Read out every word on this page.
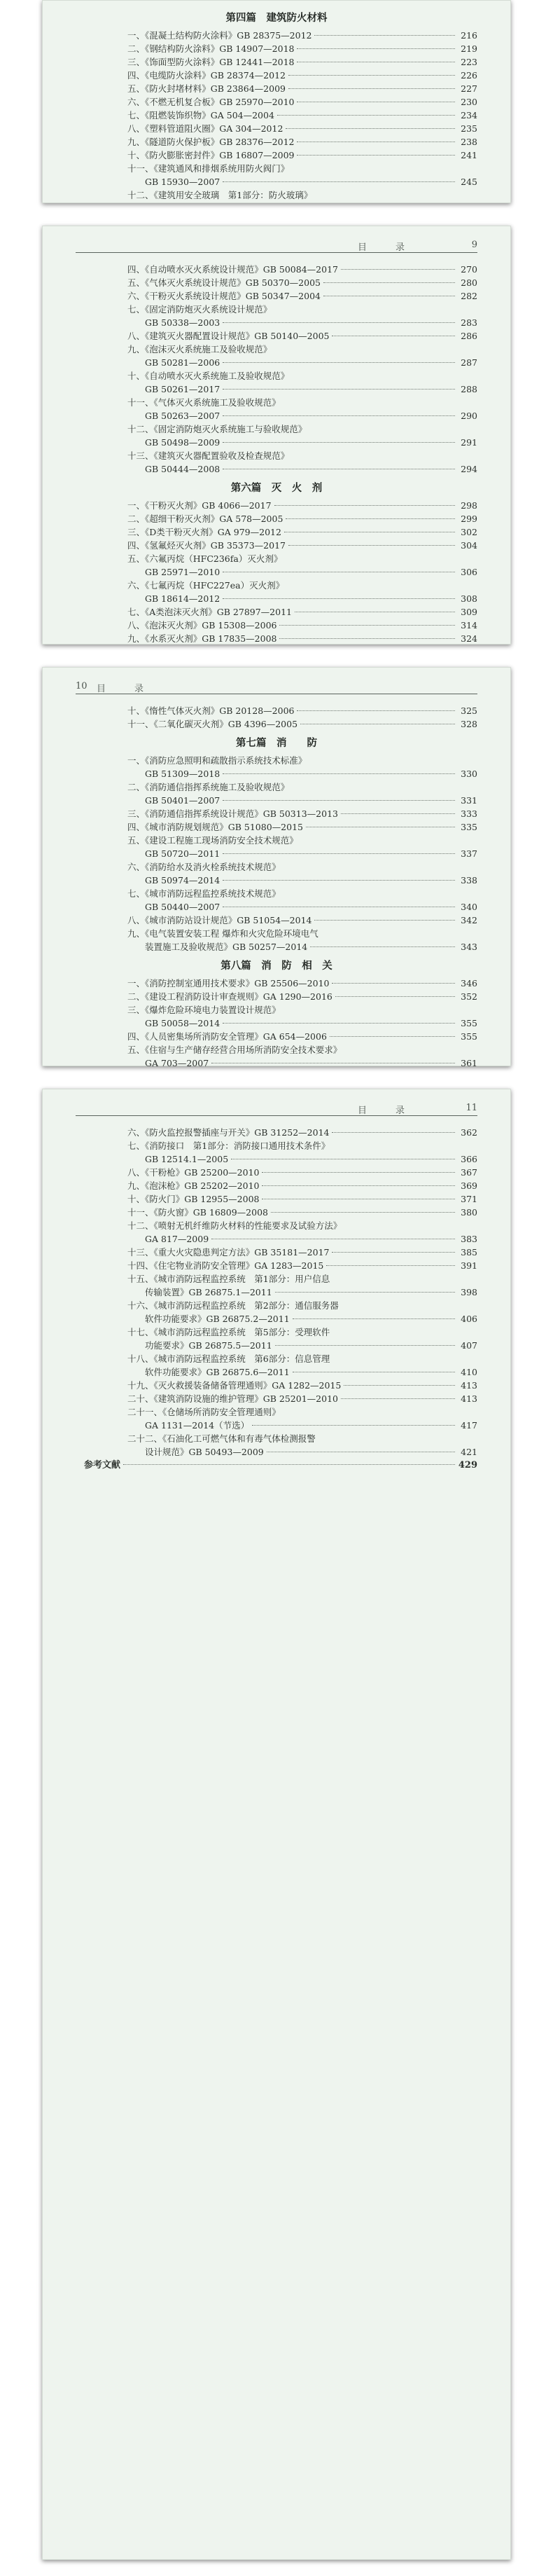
第四篇　建筑防火材料
一、《混凝土结构防火涂料》GB 28375—2012	216
二、《钢结构防火涂料》GB 14907—2018	219
三、《饰面型防火涂料》GB 12441—2018	223
四、《电缆防火涂料》GB 28374—2012	226
五、《防火封堵材料》GB 23864—2009	227
六、《不燃无机复合板》GB 25970—2010	230
七、《阻燃装饰织物》GA 504—2004	234
八、《塑料管道阻火圈》GA 304—2012	235
九、《隧道防火保护板》GB 28376—2012	238
十、《防火膨胀密封件》GB 16807—2009	241
十一、《建筑通风和排烟系统用防火阀门》
　　GB 15930—2007	245
十二、《建筑用安全玻璃　第1部分：防火玻璃》
目　录	9
四、《自动喷水灭火系统设计规范》GB 50084—2017	270
五、《气体灭火系统设计规范》GB 50370—2005	280
六、《干粉灭火系统设计规范》GB 50347—2004	282
七、《固定消防炮灭火系统设计规范》
　　GB 50338—2003	283
八、《建筑灭火器配置设计规范》GB 50140—2005	286
九、《泡沫灭火系统施工及验收规范》
　　GB 50281—2006	287
十、《自动喷水灭火系统施工及验收规范》
　　GB 50261—2017	288
十一、《气体灭火系统施工及验收规范》
　　GB 50263—2007	290
十二、《固定消防炮灭火系统施工与验收规范》
　　GB 50498—2009	291
十三、《建筑灭火器配置验收及检查规范》
　　GB 50444—2008	294
第六篇　灭　火　剂
一、《干粉灭火剂》GB 4066—2017	298
二、《超细干粉灭火剂》GA 578—2005	299
三、《D类干粉灭火剂》GA 979—2012	302
四、《氢氟烃灭火剂》GB 35373—2017	304
五、《六氟丙烷（HFC236fa）灭火剂》
　　GB 25971—2010	306
六、《七氟丙烷（HFC227ea）灭火剂》
　　GB 18614—2012	308
七、《A类泡沫灭火剂》GB 27897—2011	309
八、《泡沫灭火剂》GB 15308—2006	314
九、《水系灭火剂》GB 17835—2008	324
目　录
10
十、《惰性气体灭火剂》GB 20128—2006	325
十一、《二氧化碳灭火剂》GB 4396—2005	328
第七篇　消　　防
一、《消防应急照明和疏散指示系统技术标准》
　　GB 51309—2018	330
二、《消防通信指挥系统施工及验收规范》
　　GB 50401—2007	331
三、《消防通信指挥系统设计规范》GB 50313—2013	333
四、《城市消防规划规范》GB 51080—2015	335
五、《建设工程施工现场消防安全技术规范》
　　GB 50720—2011	337
六、《消防给水及消火栓系统技术规范》
　　GB 50974—2014	338
七、《城市消防远程监控系统技术规范》
　　GB 50440—2007	340
八、《城市消防站设计规范》GB 51054—2014	342
九、《电气装置安装工程 爆炸和火灾危险环境电气
　　装置施工及验收规范》GB 50257—2014	343
第八篇　消　防　相　关
一、《消防控制室通用技术要求》GB 25506—2010	346
二、《建设工程消防设计审查规则》GA 1290—2016	352
三、《爆炸危险环境电力装置设计规范》
　　GB 50058—2014	355
四、《人员密集场所消防安全管理》GA 654—2006	355
五、《住宿与生产储存经营合用场所消防安全技术要求》
　　GA 703—2007	361
目　录	11
六、《防火监控报警插座与开关》GB 31252—2014	362
七、《消防接口　第1部分：消防接口通用技术条件》
　　GB 12514.1—2005	366
八、《干粉枪》GB 25200—2010	367
九、《泡沫枪》GB 25202—2010	369
十、《防火门》GB 12955—2008	371
十一、《防火窗》GB 16809—2008	380
十二、《喷射无机纤维防火材料的性能要求及试验方法》
　　GA 817—2009	383
十三、《重大火灾隐患判定方法》GB 35181—2017	385
十四、《住宅物业消防安全管理》GA 1283—2015	391
十五、《城市消防远程监控系统　第1部分：用户信息
　　传输装置》GB 26875.1—2011	398
十六、《城市消防远程监控系统　第2部分：通信服务器
　　软件功能要求》GB 26875.2—2011	406
十七、《城市消防远程监控系统　第5部分：受理软件
　　功能要求》GB 26875.5—2011	407
十八、《城市消防远程监控系统　第6部分：信息管理
　　软件功能要求》GB 26875.6—2011	410
十九、《灭火救援装备储备管理通则》GA 1282—2015	413
二十、《建筑消防设施的维护管理》GB 25201—2010	413
二十一、《仓储场所消防安全管理通则》
　　GA 1131—2014（节选）	417
二十二、《石油化工可燃气体和有毒气体检测报警
　　设计规范》GB 50493—2009	421
参考文献	429
